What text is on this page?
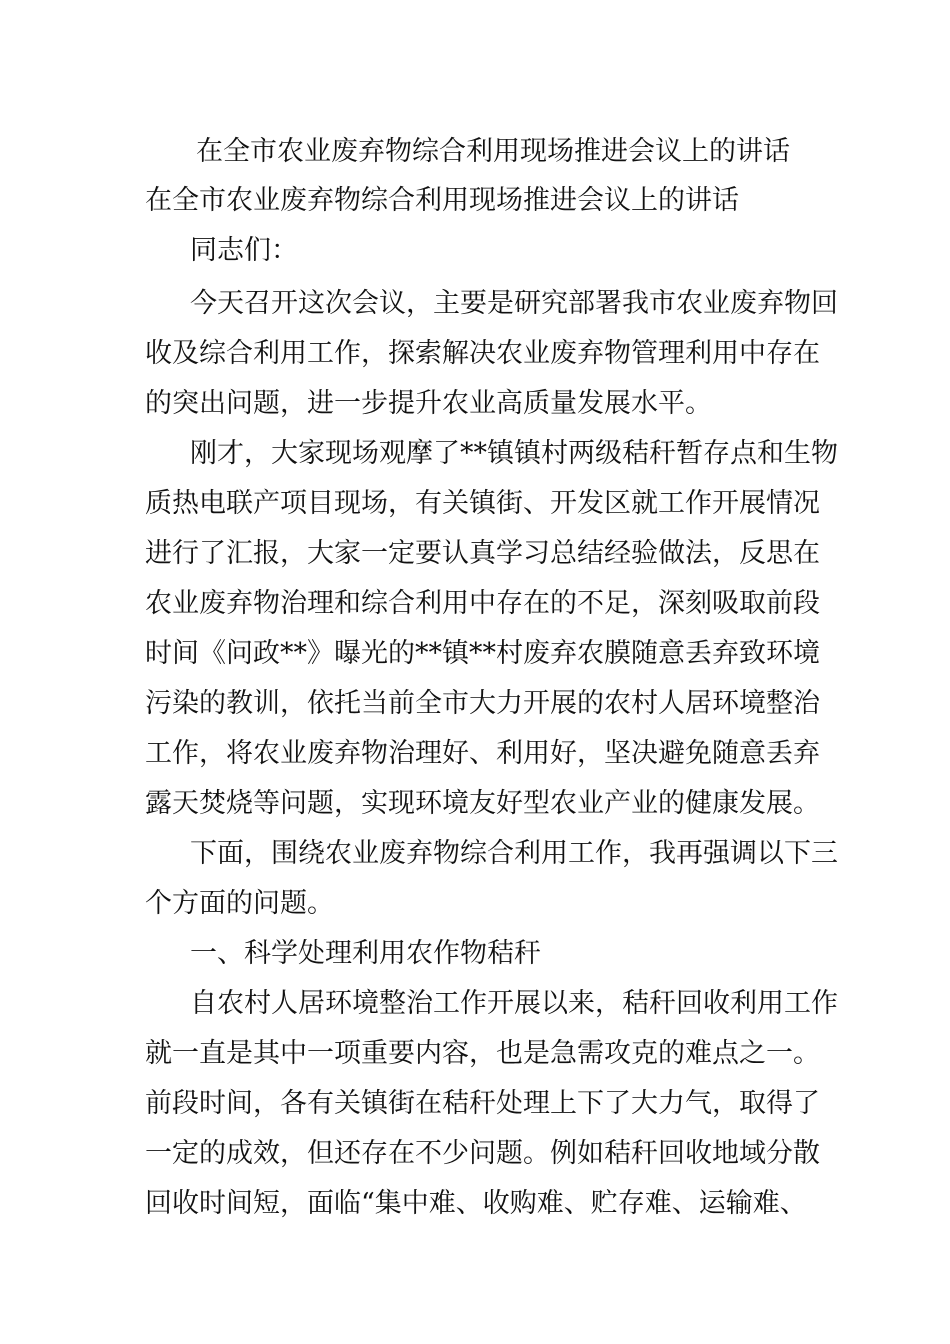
在全市农业废弃物综合利用现场推进会议上的讲话
在全市农业废弃物综合利用现场推进会议上的讲话
同志们：
今天召开这次会议，主要是研究部署我市农业废弃物回
收及综合利用工作，探索解决农业废弃物管理利用中存在
的突出问题，进一步提升农业高质量发展水平。
刚才，大家现场观摩了**镇镇村两级秸秆暂存点和生物
质热电联产项目现场，有关镇街、开发区就工作开展情况
进行了汇报，大家一定要认真学习总结经验做法，反思在
农业废弃物治理和综合利用中存在的不足，深刻吸取前段
时间《问政**》曝光的**镇**村废弃农膜随意丢弃致环境
污染的教训，依托当前全市大力开展的农村人居环境整治
工作，将农业废弃物治理好、利用好，坚决避免随意丢弃
露天焚烧等问题，实现环境友好型农业产业的健康发展。
下面，围绕农业废弃物综合利用工作，我再强调以下三
个方面的问题。
一、科学处理利用农作物秸秆
自农村人居环境整治工作开展以来，秸秆回收利用工作
就一直是其中一项重要内容，也是急需攻克的难点之一。
前段时间，各有关镇街在秸秆处理上下了大力气，取得了
一定的成效，但还存在不少问题。例如秸秆回收地域分散
回收时间短，面临“集中难、收购难、贮存难、运输难、
